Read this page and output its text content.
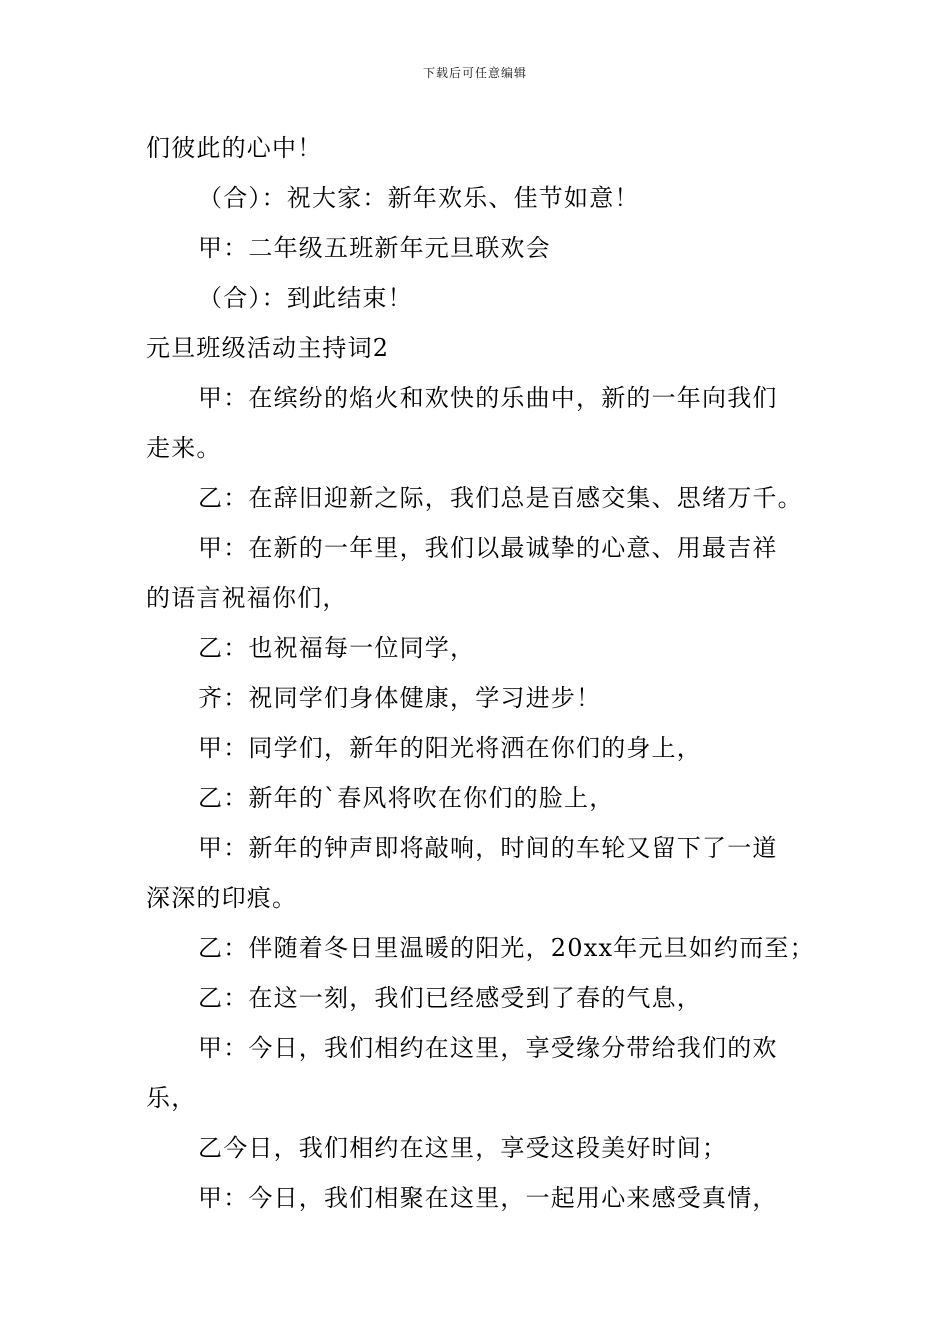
下载后可任意编辑
们彼此的心中！
（合）：祝大家：新年欢乐、佳节如意！
甲：二年级五班新年元旦联欢会
（合）：到此结束！
元旦班级活动主持词2
甲：在缤纷的焰火和欢快的乐曲中，新的一年向我们
走来。
乙：在辞旧迎新之际，我们总是百感交集、思绪万千。
甲：在新的一年里，我们以最诚挚的心意、用最吉祥
的语言祝福你们，
乙：也祝福每一位同学，
齐：祝同学们身体健康，学习进步！
甲：同学们，新年的阳光将洒在你们的身上，
乙：新年的`春风将吹在你们的脸上，
甲：新年的钟声即将敲响，时间的车轮又留下了一道
深深的印痕。
乙：伴随着冬日里温暖的阳光，20xx年元旦如约而至；
乙：在这一刻，我们已经感受到了春的气息，
甲：今日，我们相约在这里，享受缘分带给我们的欢
乐，
乙今日，我们相约在这里，享受这段美好时间；
甲：今日，我们相聚在这里，一起用心来感受真情，
